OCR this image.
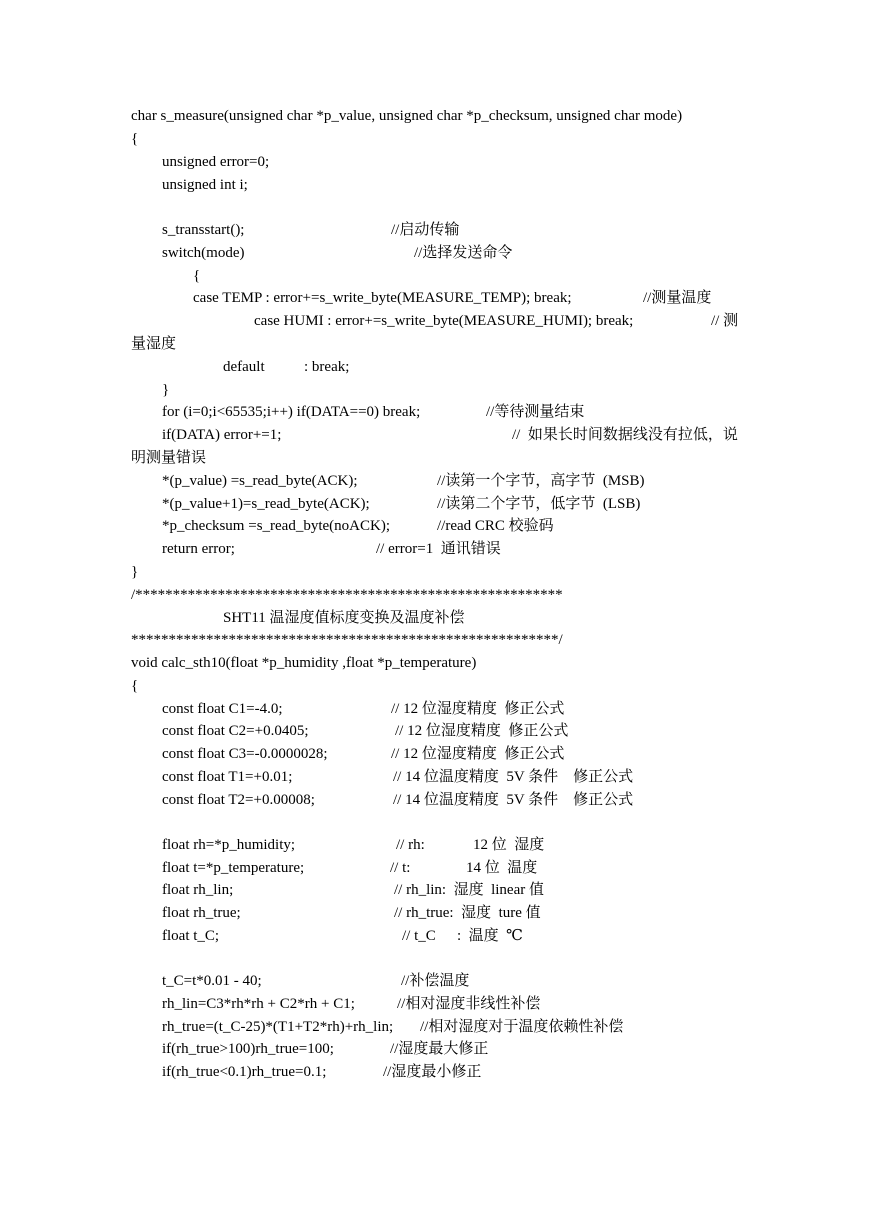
char s_measure(unsigned char *p_value, unsigned char *p_checksum, unsigned char mode)
{
unsigned error=0;
unsigned int i;
s_transstart();	//启动传输
switch(mode)	//选择发送命令
{
case TEMP : error+=s_write_byte(MEASURE_TEMP); break;	//测量温度
case HUMI : error+=s_write_byte(MEASURE_HUMI); break;	// 测
量湿度
default	: break;
}
for (i=0;i<65535;i++) if(DATA==0) break;	//等待测量结束
if(DATA) error+=1;	//  如果长时间数据线没有拉低，说
明测量错误
*(p_value) =s_read_byte(ACK);	//读第一个字节，高字节  (MSB)
*(p_value+1)=s_read_byte(ACK);	//读第二个字节，低字节  (LSB)
*p_checksum =s_read_byte(noACK);	//read CRC 校验码
return error;	// error=1  通讯错误
}
/*********************************************************
SHT11 温湿度值标度变换及温度补偿
*********************************************************/
void calc_sth10(float *p_humidity ,float *p_temperature)
{
const float C1=-4.0;	// 12 位湿度精度  修正公式
const float C2=+0.0405;	// 12 位湿度精度  修正公式
const float C3=-0.0000028;	// 12 位湿度精度  修正公式
const float T1=+0.01;	// 14 位温度精度  5V 条件    修正公式
const float T2=+0.00008;	// 14 位温度精度  5V 条件    修正公式
float rh=*p_humidity;	// rh:	12 位  湿度
float t=*p_temperature;	// t:	14 位  温度
float rh_lin;	// rh_lin:  湿度  linear 值
float rh_true;	// rh_true:  湿度  ture 值
float t_C;	// t_C :  温度  ℃
t_C=t*0.01 - 40;	//补偿温度
rh_lin=C3*rh*rh + C2*rh + C1;	//相对湿度非线性补偿
rh_true=(t_C-25)*(T1+T2*rh)+rh_lin; //相对湿度对于温度依赖性补偿
if(rh_true>100)rh_true=100;	//湿度最大修正
if(rh_true<0.1)rh_true=0.1;	//湿度最小修正
